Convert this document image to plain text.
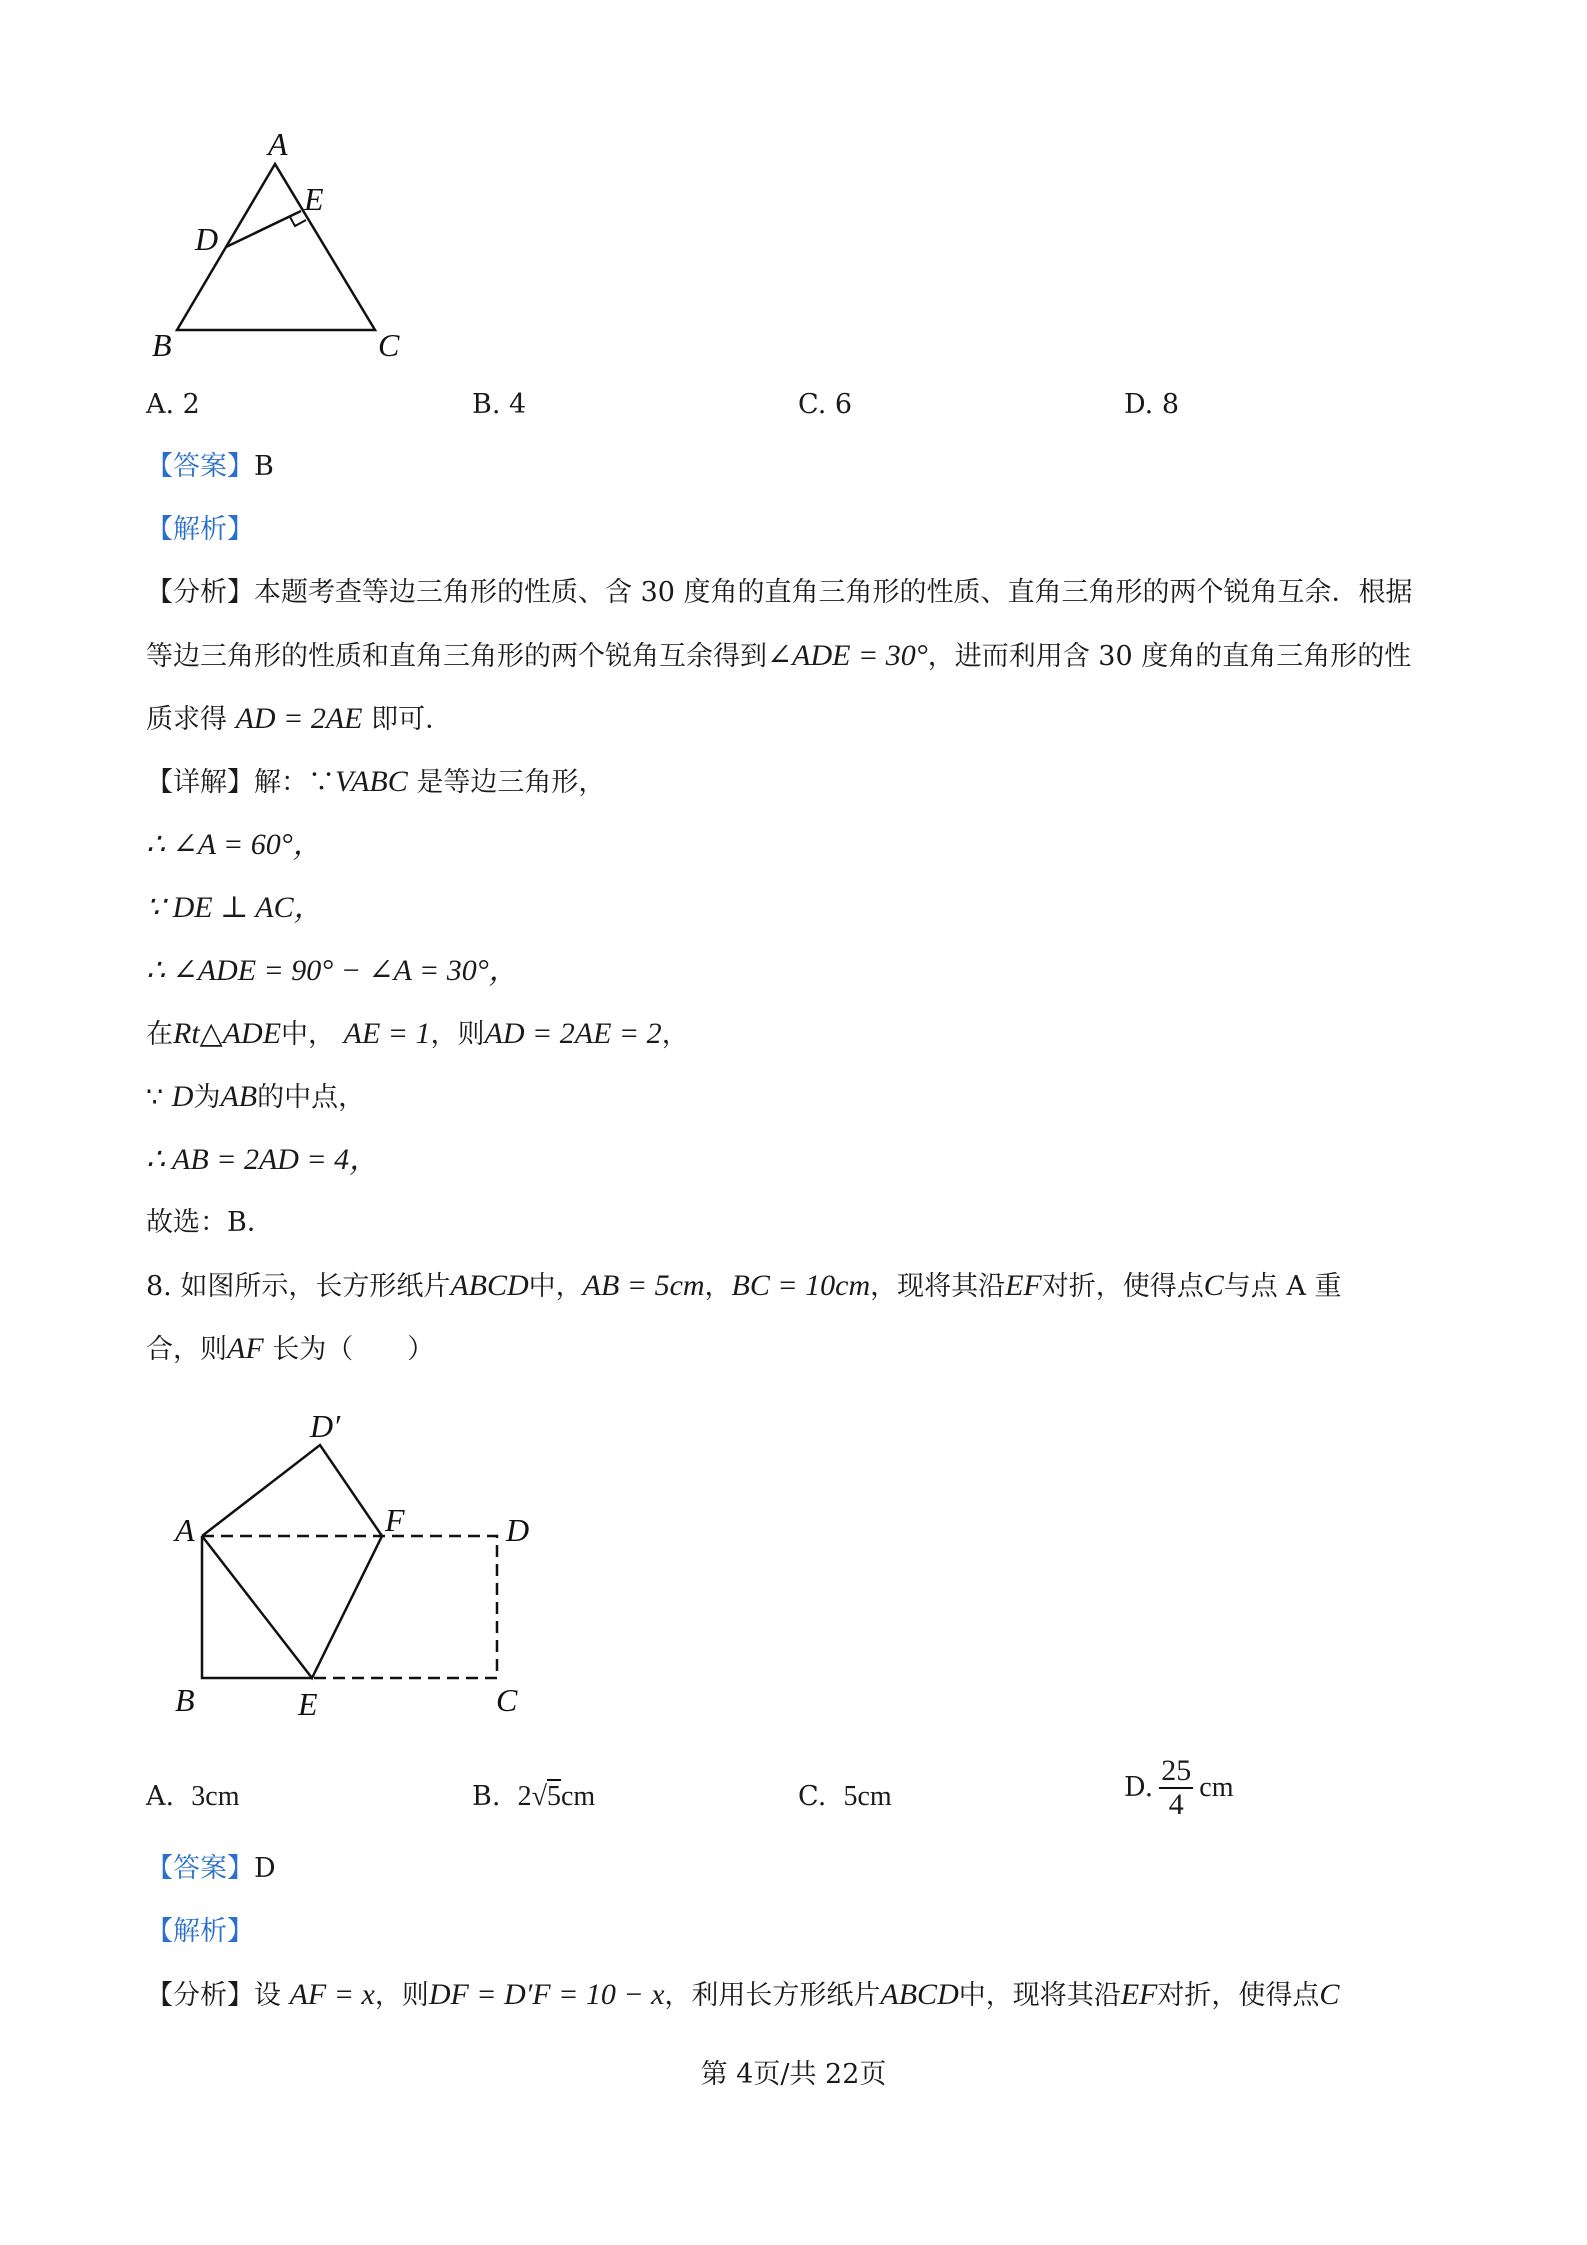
A
E
D
B	C
A. 2	B. 4	C. 6	D. 8
【答案】B
【解析】
【分析】本题考查等边三角形的性质、含 30 度角的直角三角形的性质、直角三角形的两个锐角互余．根据
等边三角形的性质和直角三角形的两个锐角互余得到∠ADE = 30°，进而利用含 30 度角的直角三角形的性
质求得 AD = 2AE 即可．
【详解】解：∵VABC 是等边三角形，
∴ ∠A = 60°，
∵ DE ⊥ AC，
∴ ∠ADE = 90° − ∠A = 30°，
在Rt△ADE中， AE = 1，则AD = 2AE = 2，
∵ D为AB的中点，
∴ AB = 2AD = 4，
故选：B．
8. 如图所示，长方形纸片ABCD中，AB = 5cm，BC = 10cm，现将其沿EF对折，使得点C与点 A 重
合，则AF 长为（　　）
D′
A	F	D
B	E	C
A. 3cm	B. 2√5cm	C. 5cm	D. $\frac{25}{4}$ cm
【答案】D
【解析】
【分析】设 AF = x，则DF = D′F = 10 − x，利用长方形纸片ABCD中，现将其沿EF对折，使得点C
第 4页/共 22页
